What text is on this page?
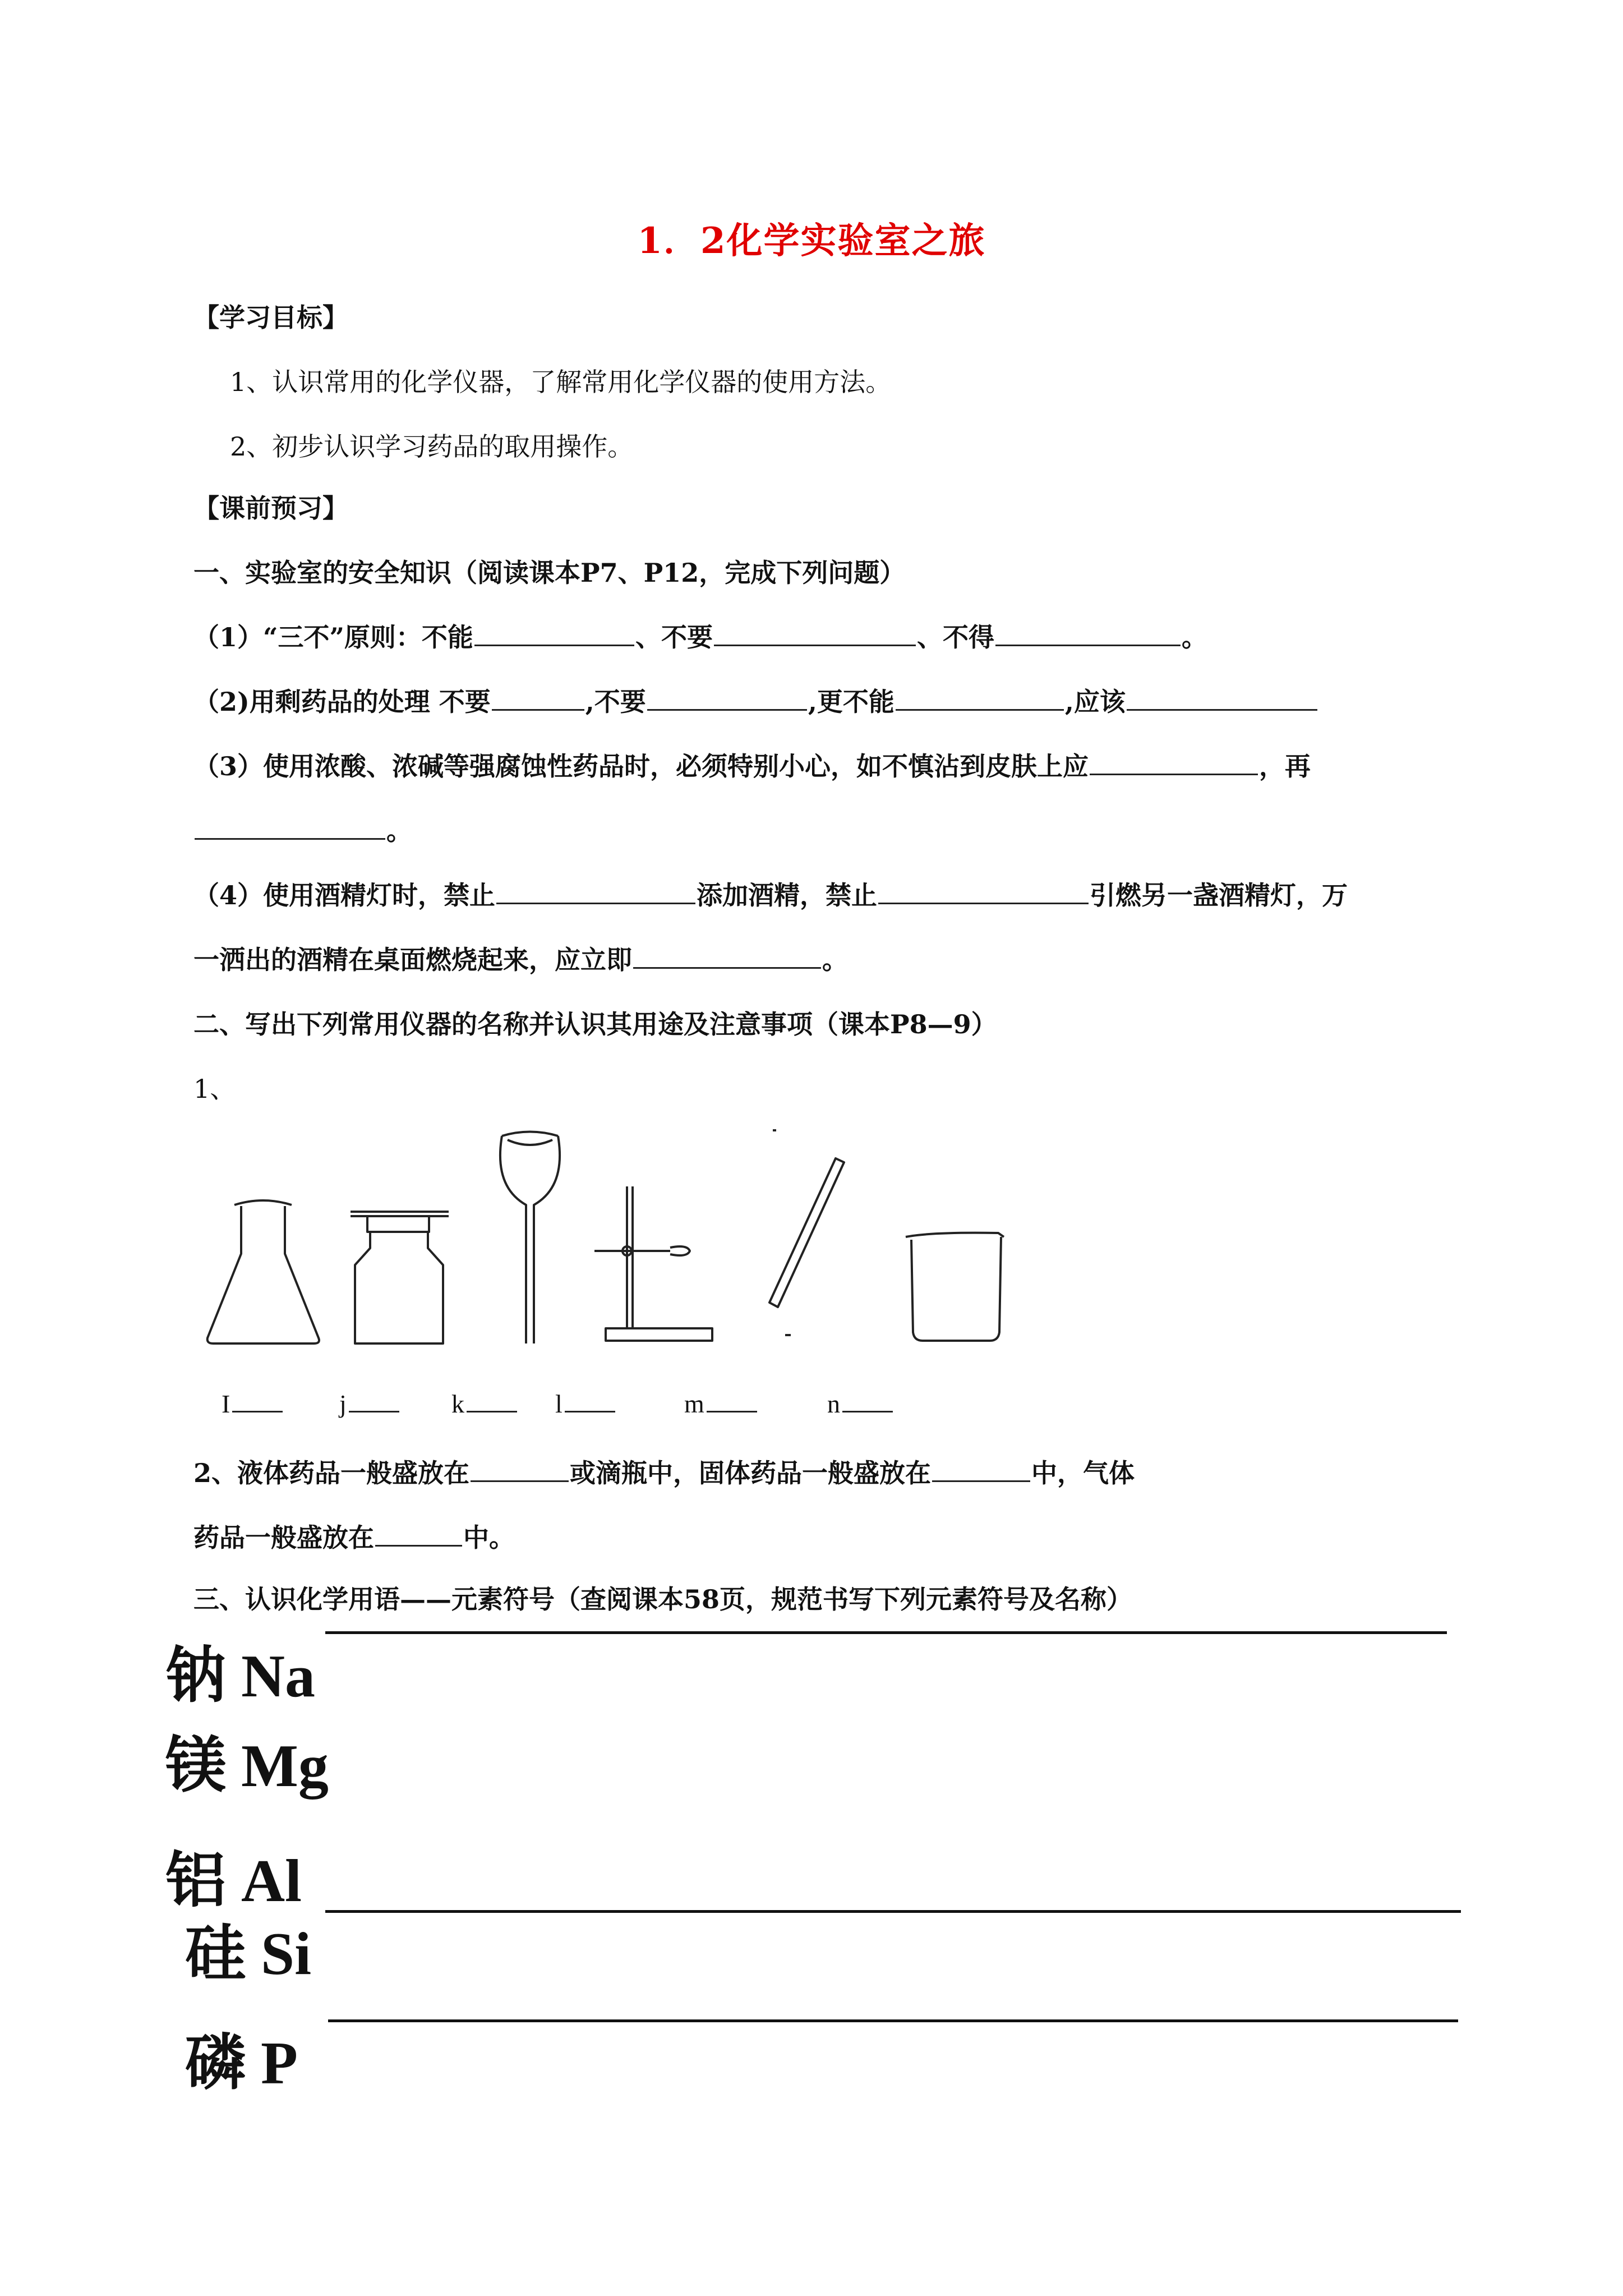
1．2化学实验室之旅
【学习目标】
1、认识常用的化学仪器，了解常用化学仪器的使用方法。
2、初步认识学习药品的取用操作。
【课前预习】
一、实验室的安全知识（阅读课本P7、P12，完成下列问题）
（1）“三不”原则：不能	、不要	、不得	。
（2)用剩药品的处理 不要	,不要	,更不能	,应该
（3）使用浓酸、浓碱等强腐蚀性药品时，必须特别小心，如不慎沾到皮肤上应	，再
。
（4）使用酒精灯时，禁止	添加酒精，禁止	引燃另一盏酒精灯，万
一洒出的酒精在桌面燃烧起来，应立即	。
二、写出下列常用仪器的名称并认识其用途及注意事项（课本P8—9）
1、
I	j	k	l	m	n
2、液体药品一般盛放在	或滴瓶中，固体药品一般盛放在	中，气体
药品一般盛放在	中。
三、认识化学用语——元素符号（查阅课本58页，规范书写下列元素符号及名称）
钠 Na
镁 Mg
铝 Al
硅 Si
磷 P
